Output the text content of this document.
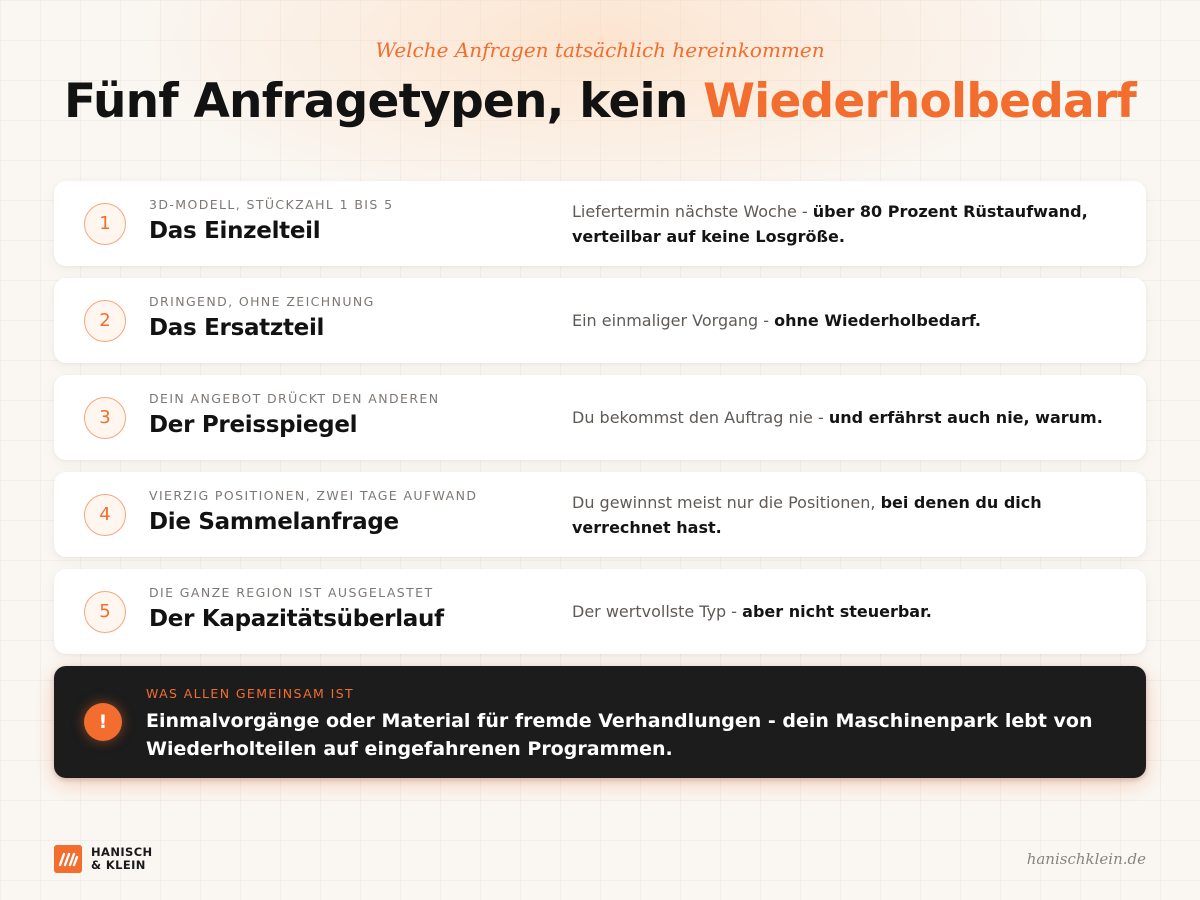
Welche Anfragen tatsächlich hereinkommen
Fünf Anfragetypen, kein Wiederholbedarf
1
3D-MODELL, STÜCKZAHL 1 BIS 5
Das Einzelteil
Liefertermin nächste Woche - über 80 Prozent Rüstaufwand, verteilbar auf keine Losgröße.
2
DRINGEND, OHNE ZEICHNUNG
Das Ersatzteil	Ein einmaliger Vorgang - ohne Wiederholbedarf.
3
DEIN ANGEBOT DRÜCKT DEN ANDEREN
Der Preisspiegel	Du bekommst den Auftrag nie - und erfährst auch nie, warum.
4
VIERZIG POSITIONEN, ZWEI TAGE AUFWAND
Die Sammelanfrage
Du gewinnst meist nur die Positionen, bei denen du dich verrechnet hast.
5
DIE GANZE REGION IST AUSGELASTET
Der Kapazitätsüberlauf	Der wertvollste Typ - aber nicht steuerbar.
!
WAS ALLEN GEMEINSAM IST
Einmalvorgänge oder Material für fremde Verhandlungen - dein Maschinenpark lebt von Wiederholteilen auf eingefahrenen Programmen.
HANISCH
& KLEIN	hanischklein.de
